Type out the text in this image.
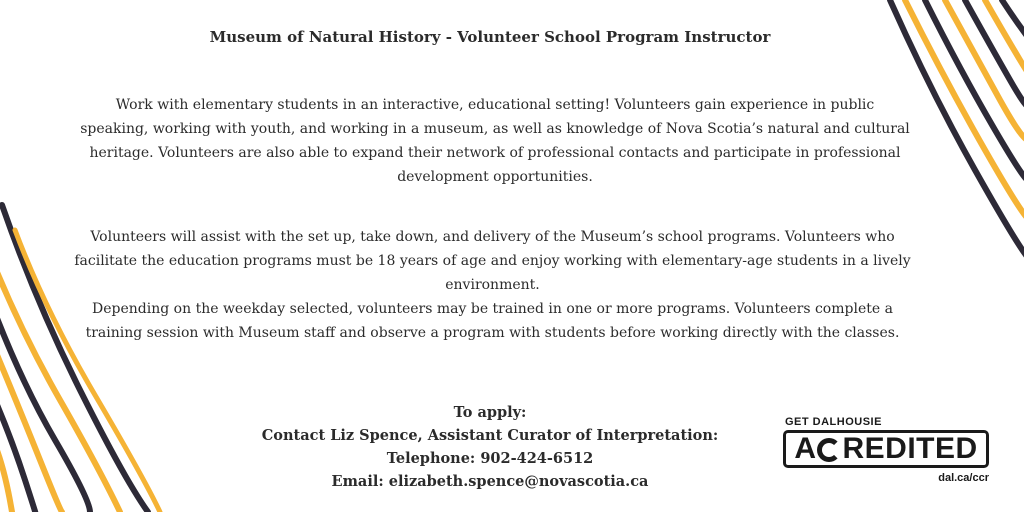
Museum of Natural History - Volunteer School Program Instructor
Work with elementary students in an interactive, educational setting! Volunteers gain experience in public speaking, working with youth, and working in a museum, as well as knowledge of Nova Scotia’s natural and cultural heritage. Volunteers are also able to expand their network of professional contacts and participate in professional development opportunities.

Volunteers will assist with the set up, take down, and delivery of the Museum’s school programs. Volunteers who facilitate the education programs must be 18 years of age and enjoy working with elementary-age students in a lively environment.

Depending on the weekday selected, volunteers may be trained in one or more programs. Volunteers complete a training session with Museum staff and observe a program with students before working directly with the classes.

To apply:
Contact Liz Spence, Assistant Curator of Interpretation:
Telephone: 902-424-6512
Email: elizabeth.spence@novascotia.ca
GET DALHOUSIE
A REDITED
dal.ca/ccr
